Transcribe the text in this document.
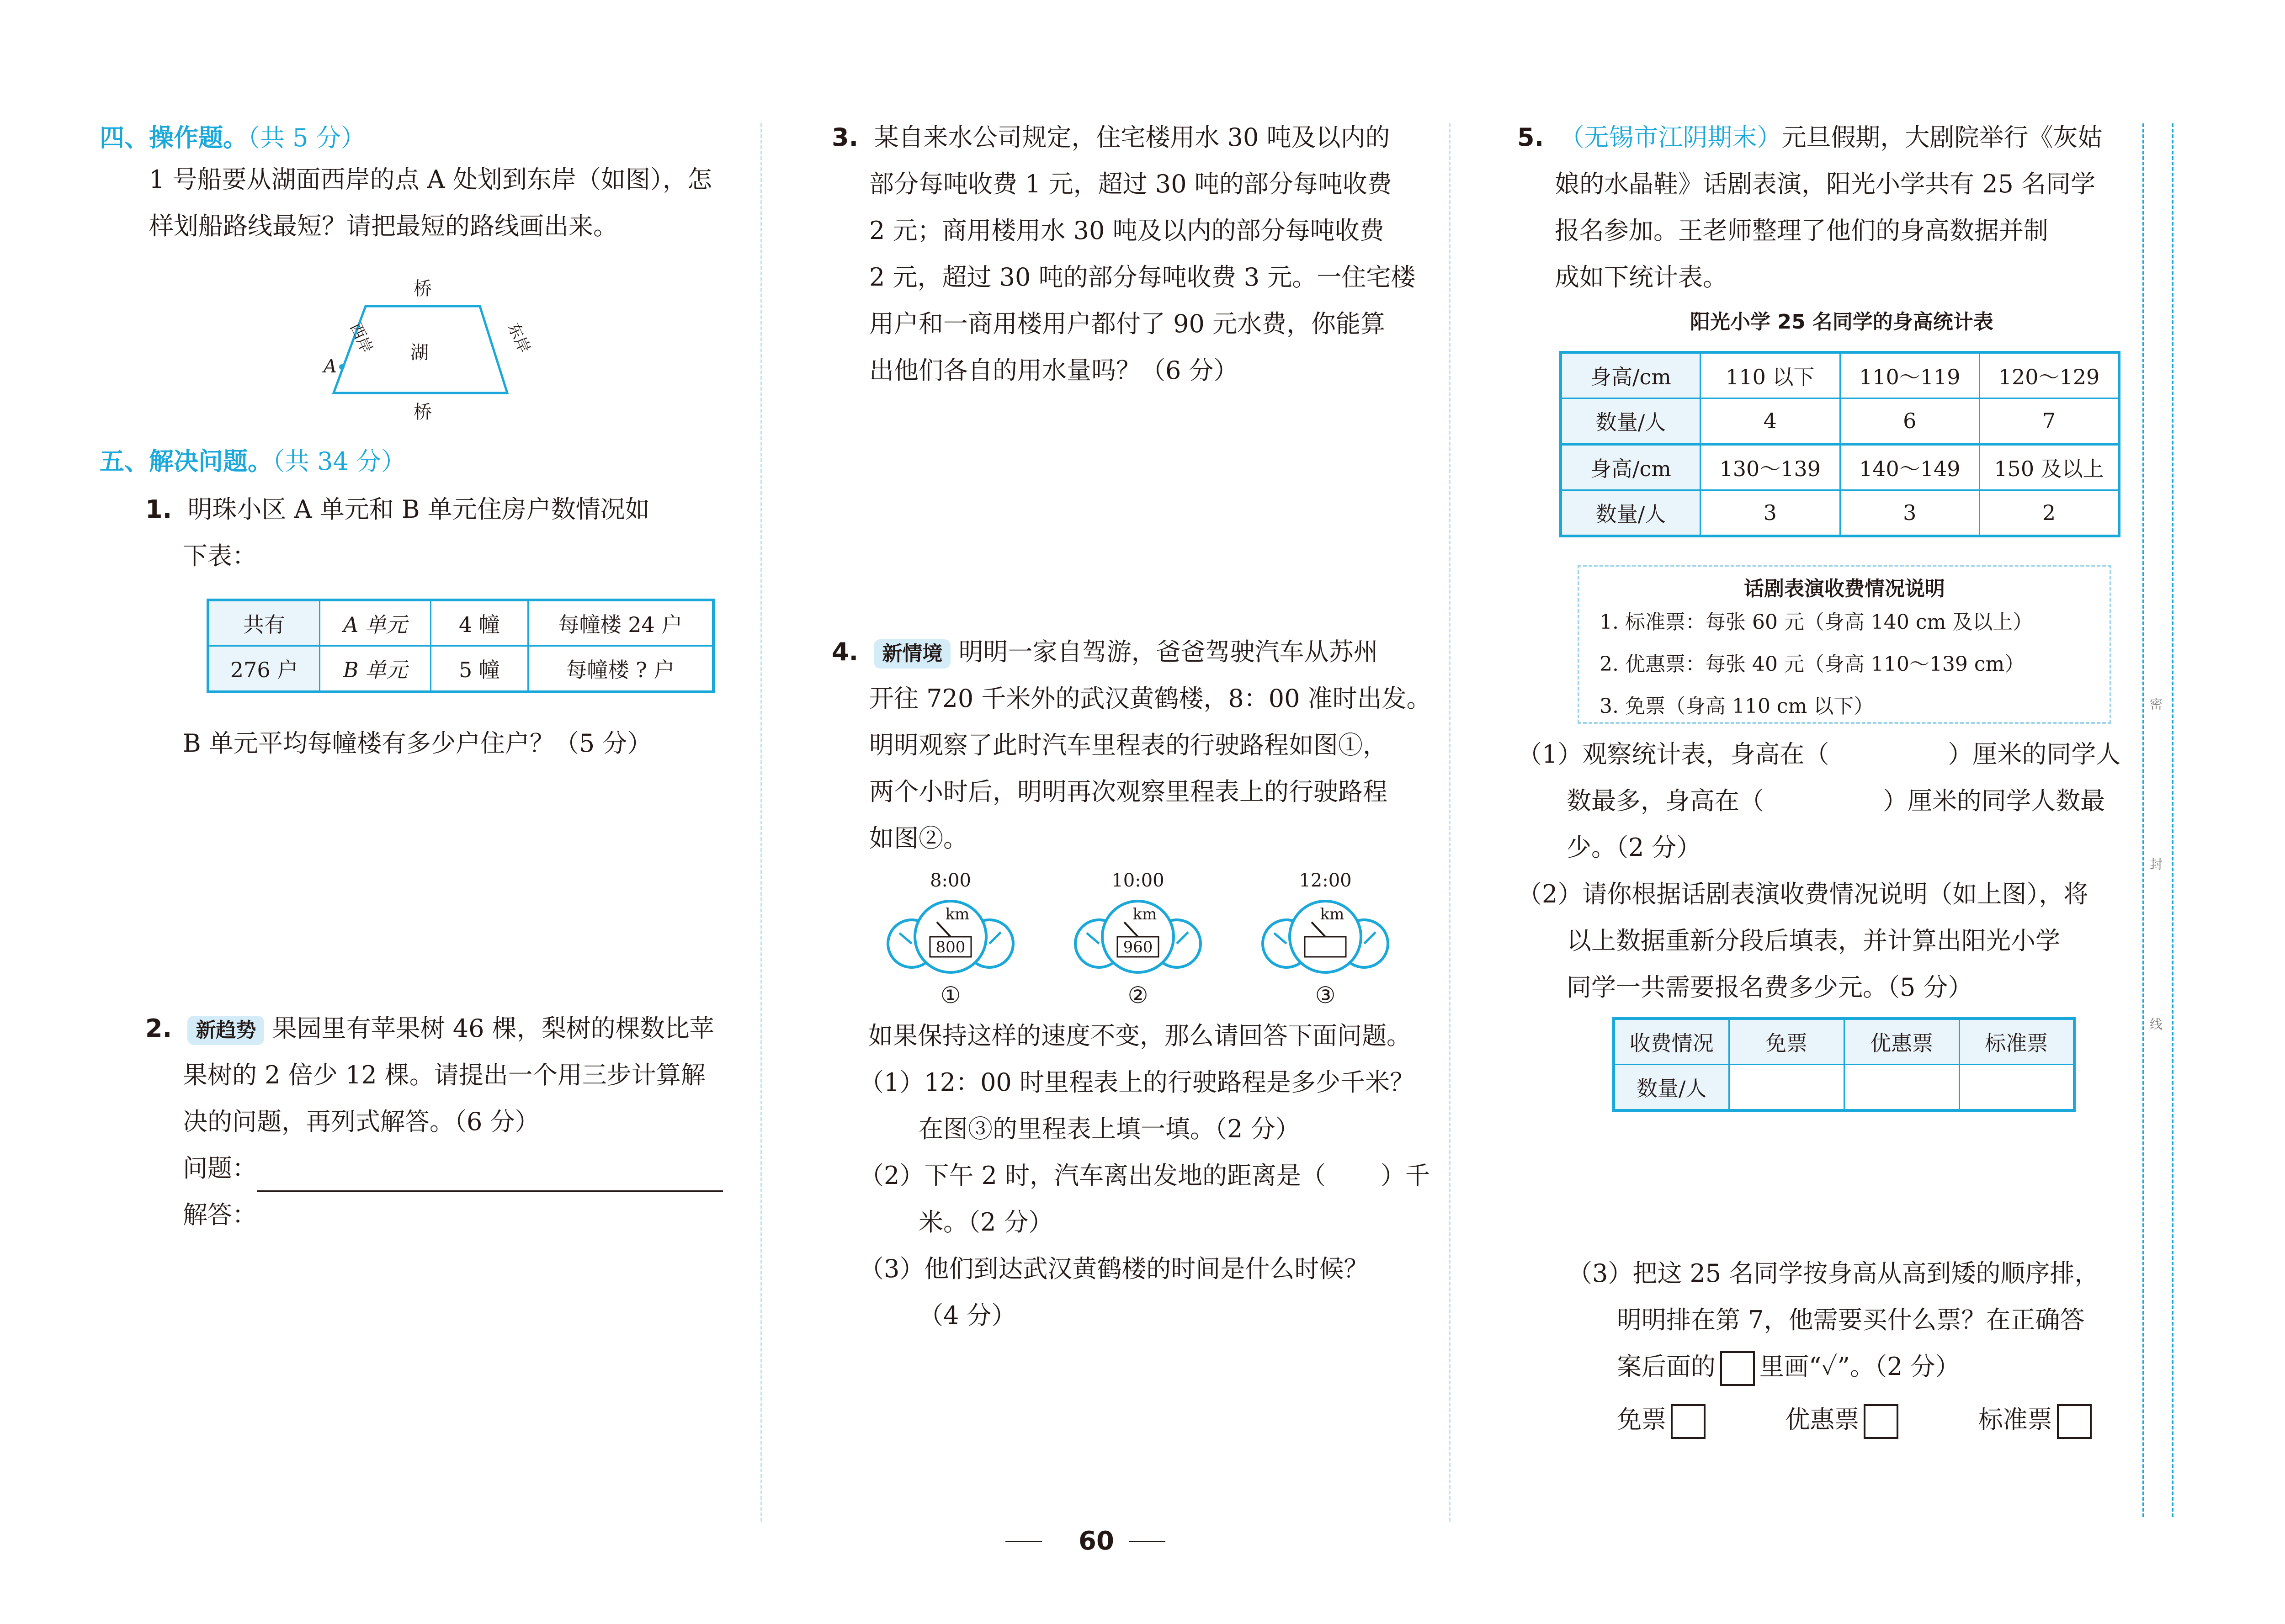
四、操作题。（共 5 分）
1 号船要从湖面西岸的点 A 处划到东岸（如图），怎
样划船路线最短？请把最短的路线画出来。
桥
桥
湖
西岸	东岸
A
五、解决问题。（共 34 分）
1. 明珠小区 A 单元和 B 单元住房户数情况如
下表：
共有	A 单元	4 幢	每幢楼 24 户
276 户	B 单元	5 幢	每幢楼 ? 户
B 单元平均每幢楼有多少户住户？（5 分）
2. 新趋势 果园里有苹果树 46 棵，梨树的棵数比苹
果树的 2 倍少 12 棵。请提出一个用三步计算解
决的问题，再列式解答。（6 分）
问题：
解答：
3. 某自来水公司规定，住宅楼用水 30 吨及以内的
部分每吨收费 1 元，超过 30 吨的部分每吨收费
2 元；商用楼用水 30 吨及以内的部分每吨收费
2 元，超过 30 吨的部分每吨收费 3 元。一住宅楼
用户和一商用楼用户都付了 90 元水费，你能算
出他们各自的用水量吗？（6 分）
4. 新情境 明明一家自驾游，爸爸驾驶汽车从苏州
开往 720 千米外的武汉黄鹤楼，8：00 准时出发。
明明观察了此时汽车里程表的行驶路程如图①，
两个小时后，明明再次观察里程表上的行驶路程
如图②。
8:00
km
800
①
10:00
km
960
②
12:00
km
③
如果保持这样的速度不变，那么请回答下面问题。
（1）12：00 时里程表上的行驶路程是多少千米？
在图③的里程表上填一填。（2 分）
（2）下午 2 时，汽车离出发地的距离是（ ）千
米。（2 分）
（3）他们到达武汉黄鹤楼的时间是什么时候？
（4 分）
5. （无锡市江阴期末）元旦假期，大剧院举行《灰姑
娘的水晶鞋》话剧表演，阳光小学共有 25 名同学
报名参加。王老师整理了他们的身高数据并制
成如下统计表。
阳光小学 25 名同学的身高统计表
身高/cm	110 以下	110～119	120～129
数量/人	4	6	7
身高/cm	130～139	140～149	150 及以上
数量/人	3	3	2
话剧表演收费情况说明
1. 标准票：每张 60 元（身高 140 cm 及以上）
2. 优惠票：每张 40 元（身高 110～139 cm）
3. 免票（身高 110 cm 以下）
（1）观察统计表，身高在（	）厘米的同学人
数最多，身高在（	）厘米的同学人数最
少。（2 分）
（2）请你根据话剧表演收费情况说明（如上图），将
以上数据重新分段后填表，并计算出阳光小学
同学一共需要报名费多少元。（5 分）
收费情况	免票	优惠票	标准票
数量/人			
（3）把这 25 名同学按身高从高到矮的顺序排，
明明排在第 7，他需要买什么票？在正确答
案后面的 里画“✓”。（2 分）
免票	优惠票	标准票
密
封
线
60
